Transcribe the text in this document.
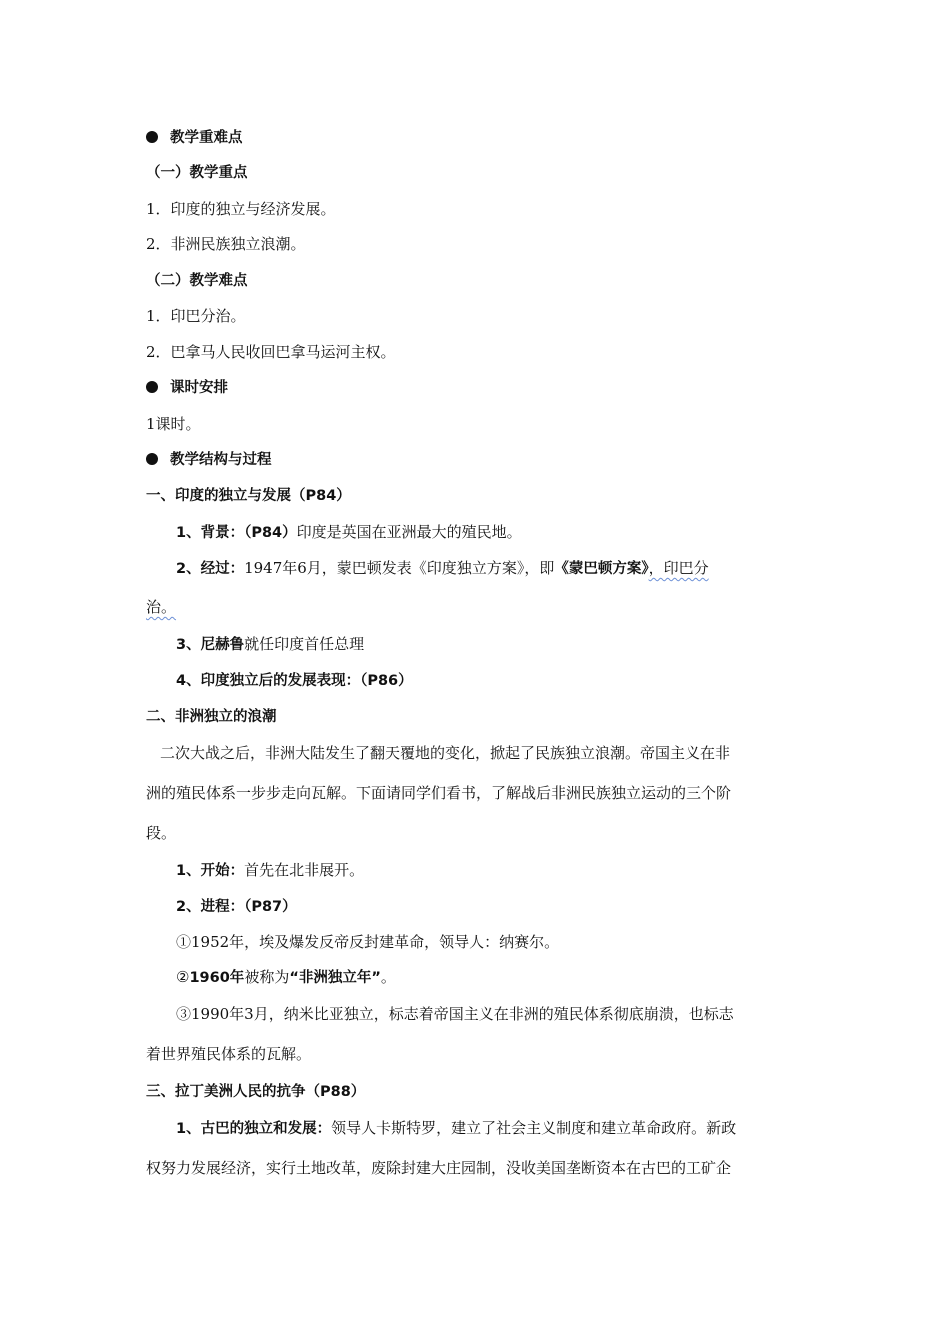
教学重难点
（一）教学重点
1．印度的独立与经济发展。
2．非洲民族独立浪潮。
（二）教学难点
1．印巴分治。
2．巴拿马人民收回巴拿马运河主权。
课时安排
1课时。
教学结构与过程
一、印度的独立与发展（P84）
1、背景：（P84）印度是英国在亚洲最大的殖民地。
2、经过：1947年6月，蒙巴顿发表《印度独立方案》，即《蒙巴顿方案》，印巴分
治。
3、尼赫鲁就任印度首任总理
4、印度独立后的发展表现：（P86）
二、非洲独立的浪潮
二次大战之后，非洲大陆发生了翻天覆地的变化，掀起了民族独立浪潮。帝国主义在非
洲的殖民体系一步步走向瓦解。下面请同学们看书，了解战后非洲民族独立运动的三个阶
段。
1、开始：首先在北非展开。
2、进程：（P87）
①1952年，埃及爆发反帝反封建革命，领导人：纳赛尔。
②1960年被称为“非洲独立年”。
③1990年3月，纳米比亚独立，标志着帝国主义在非洲的殖民体系彻底崩溃，也标志
着世界殖民体系的瓦解。
三、拉丁美洲人民的抗争（P88）
1、古巴的独立和发展：领导人卡斯特罗，建立了社会主义制度和建立革命政府。新政
权努力发展经济，实行土地改革，废除封建大庄园制，没收美国垄断资本在古巴的工矿企
